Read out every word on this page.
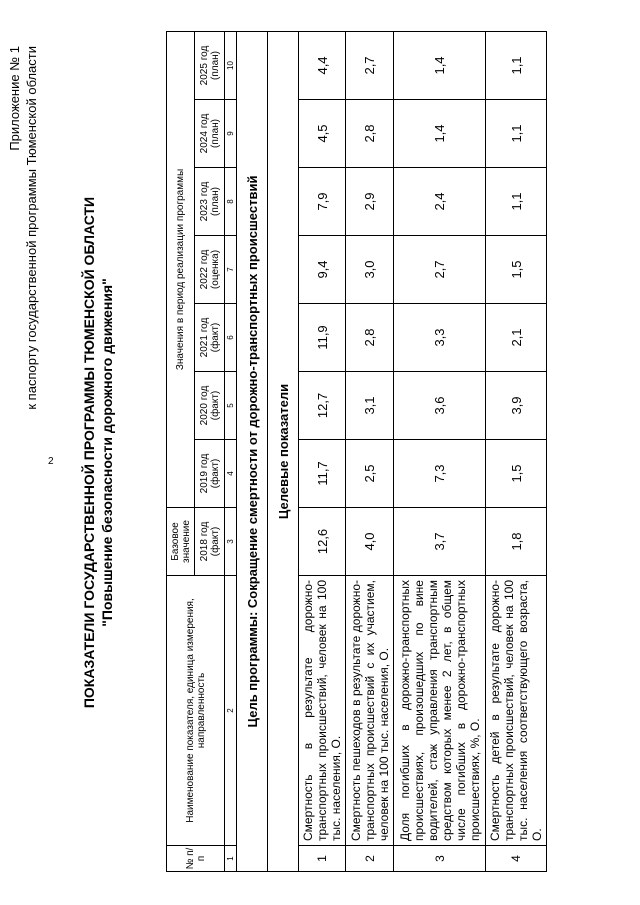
2
Приложение № 1 к паспорту государственной программы Тюменской области	ПОКАЗАТЕЛИ ГОСУДАРСТВЕННОЙ ПРОГРАММЫ ТЮМЕНСКОЙ ОБЛАСТИ "Повышение безопасности дорожного движения"
№ п/п	Наименование показателя, единица измерения, направленность	Базовое значение	Значения в период реализации программы						
		2018 год (факт)	2019 год (факт)	2020 год (факт)	2021 год (факт)	2022 год (оценка)	2023 год (план)	2024 год (план)	2025 год (план)
1	2	3	4	5	6	7	8	9	10
Цель программы: Сокращение смертности от дорожно-транспортных происшествий									
Целевые показатели									
1	Смертность в результате дорожно-транспортных происшествий, человек на 100 тыс. населения, О.	12,6	11,7	12,7	11,9	9,4	7,9	4,5	4,4
2	Смертность пешеходов в результате дорожно-транспортных происшествий с их участием, человек на 100 тыс. населения, О.	4,0	2,5	3,1	2,8	3,0	2,9	2,8	2,7
3	Доля погибших в дорожно-транспортных происшествиях, произошедших по вине водителей, стаж управления транспортным средством которых менее 2 лет, в общем числе погибших в дорожно-транспортных происшествиях, %, О.	3,7	7,3	3,6	3,3	2,7	2,4	1,4	1,4
4	Смертность детей в результате дорожно-транспортных происшествий, человек на 100 тыс. населения соответствующего возраста, О.	1,8	1,5	3,9	2,1	1,5	1,1	1,1	1,1
